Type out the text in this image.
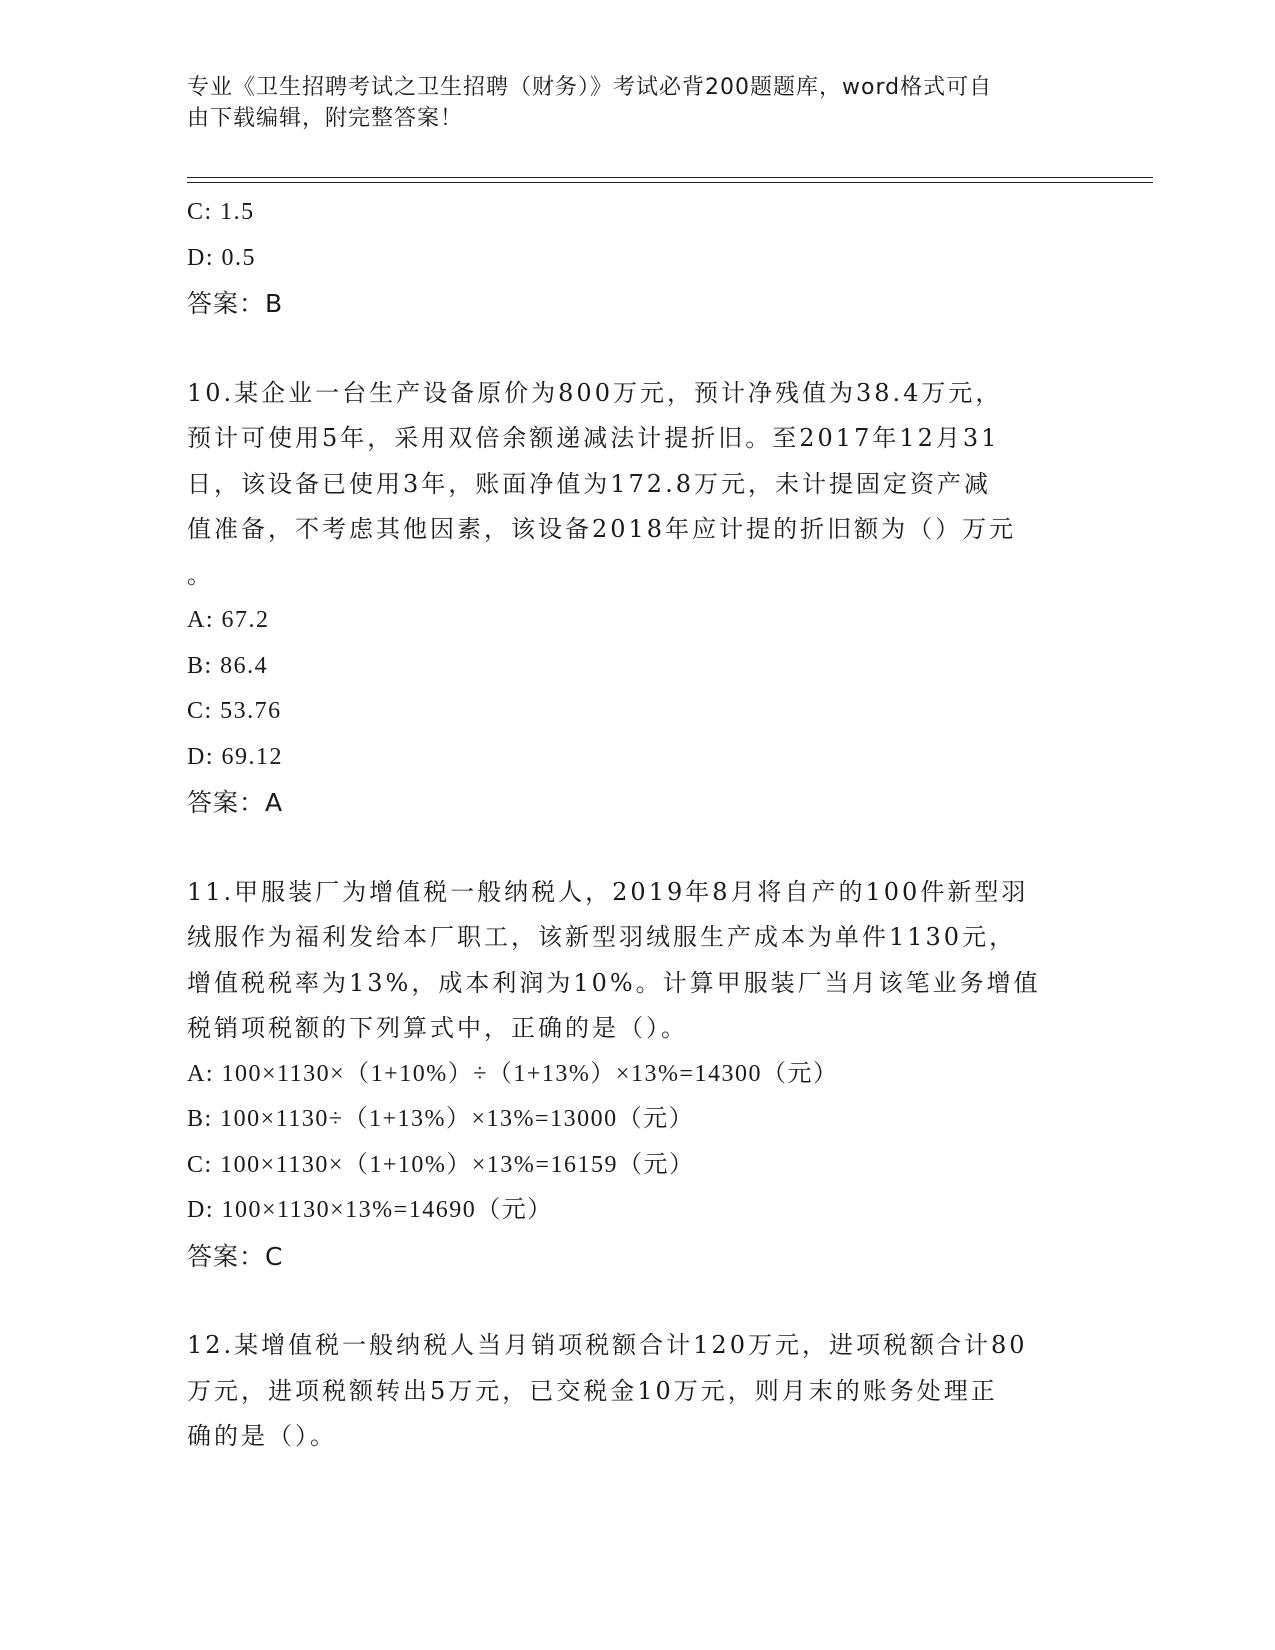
专业《卫生招聘考试之卫生招聘（财务）》考试必背200题题库，word格式可自
由下载编辑，附完整答案！
C: 1.5
D: 0.5
答案：B
10.某企业一台生产设备原价为800万元，预计净残值为38.4万元，
预计可使用5年，采用双倍余额递减法计提折旧。至2017年12月31
日，该设备已使用3年，账面净值为172.8万元，未计提固定资产减
值准备，不考虑其他因素，该设备2018年应计提的折旧额为（）万元
。
A: 67.2
B: 86.4
C: 53.76
D: 69.12
答案：A
11.甲服装厂为增值税一般纳税人，2019年8月将自产的100件新型羽
绒服作为福利发给本厂职工，该新型羽绒服生产成本为单件1130元，
增值税税率为13%，成本利润为10%。计算甲服装厂当月该笔业务增值
税销项税额的下列算式中，正确的是（）。
A: 100×1130×（1+10%）÷（1+13%）×13%=14300（元）
B: 100×1130÷（1+13%）×13%=13000（元）
C: 100×1130×（1+10%）×13%=16159（元）
D: 100×1130×13%=14690（元）
答案：C
12.某增值税一般纳税人当月销项税额合计120万元，进项税额合计80
万元，进项税额转出5万元，已交税金10万元，则月末的账务处理正
确的是（）。
